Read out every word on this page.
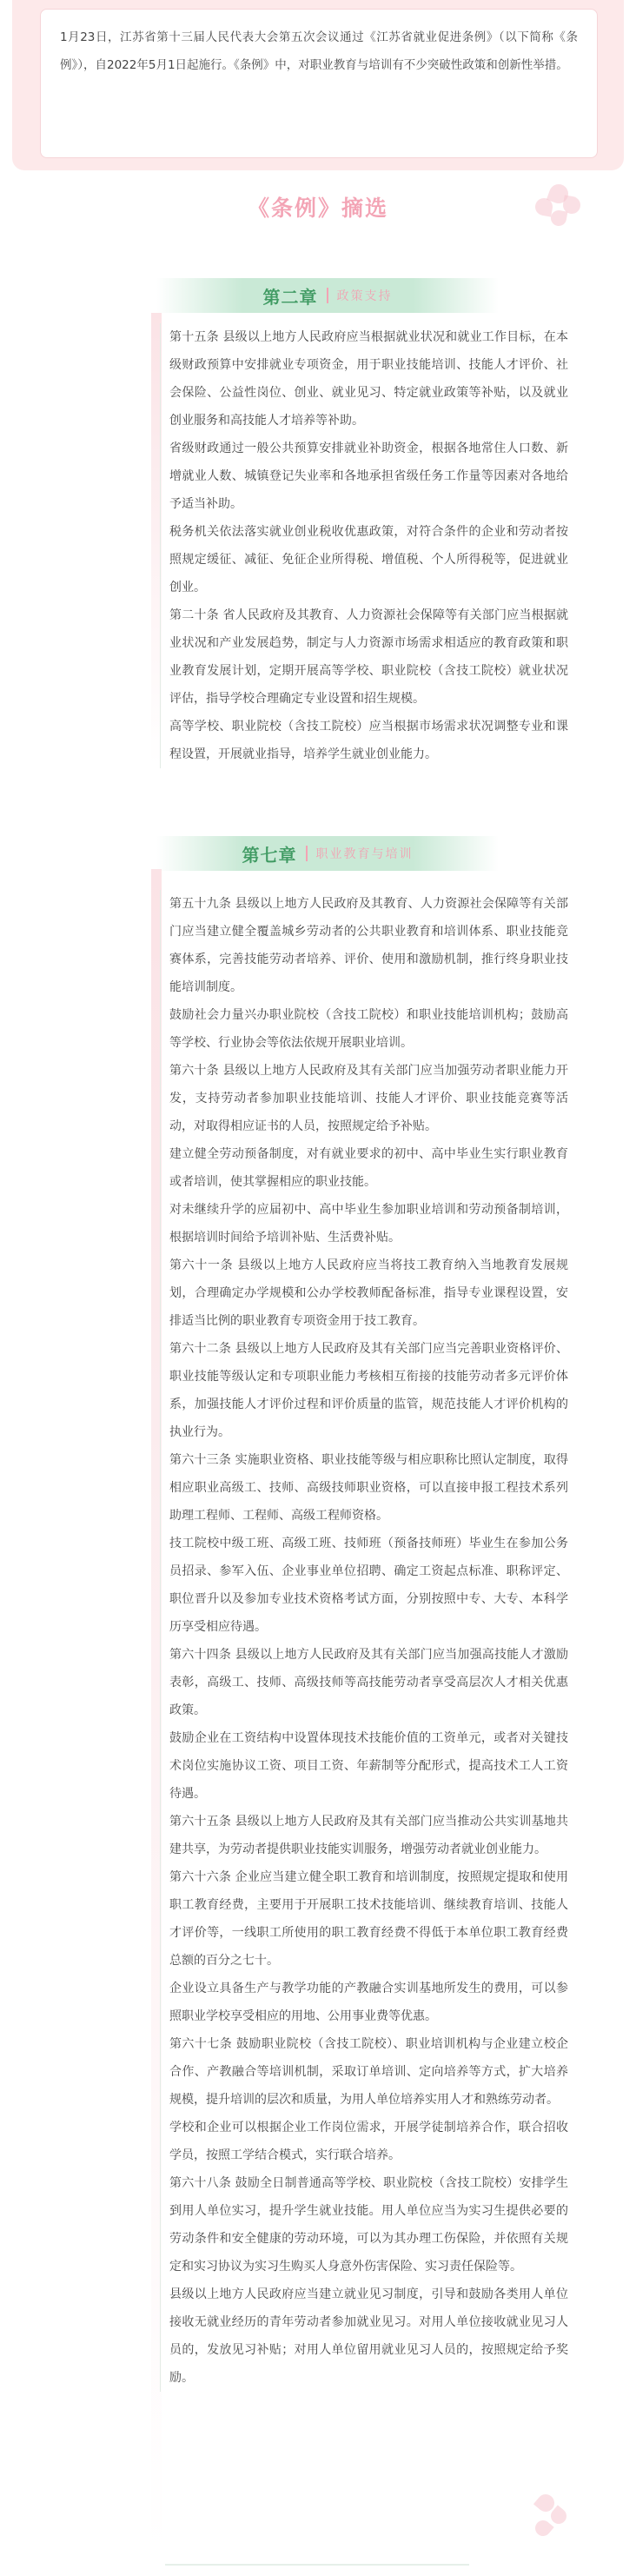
1月23日，江苏省第十三届人民代表大会第五次会议通过《江苏省就业促进条例》（以下简称《条例》），自2022年5月1日起施行。《条例》中，对职业教育与培训有不少突破性政策和创新性举措。
《条例》摘选
第二章 政策支持

第十五条 县级以上地方人民政府应当根据就业状况和就业工作目标，在本级财政预算中安排就业专项资金，用于职业技能培训、技能人才评价、社会保险、公益性岗位、创业、就业见习、特定就业政策等补贴，以及就业创业服务和高技能人才培养等补助。

省级财政通过一般公共预算安排就业补助资金，根据各地常住人口数、新增就业人数、城镇登记失业率和各地承担省级任务工作量等因素对各地给予适当补助。

税务机关依法落实就业创业税收优惠政策，对符合条件的企业和劳动者按照规定缓征、减征、免征企业所得税、增值税、个人所得税等，促进就业创业。

第二十条 省人民政府及其教育、人力资源社会保障等有关部门应当根据就业状况和产业发展趋势，制定与人力资源市场需求相适应的教育政策和职业教育发展计划，定期开展高等学校、职业院校（含技工院校）就业状况评估，指导学校合理确定专业设置和招生规模。

高等学校、职业院校（含技工院校）应当根据市场需求状况调整专业和课程设置，开展就业指导，培养学生就业创业能力。

第七章 职业教育与培训

第五十九条 县级以上地方人民政府及其教育、人力资源社会保障等有关部门应当建立健全覆盖城乡劳动者的公共职业教育和培训体系、职业技能竞赛体系，完善技能劳动者培养、评价、使用和激励机制，推行终身职业技能培训制度。

鼓励社会力量兴办职业院校（含技工院校）和职业技能培训机构；鼓励高等学校、行业协会等依法依规开展职业培训。

第六十条 县级以上地方人民政府及其有关部门应当加强劳动者职业能力开发，支持劳动者参加职业技能培训、技能人才评价、职业技能竞赛等活动，对取得相应证书的人员，按照规定给予补贴。

建立健全劳动预备制度，对有就业要求的初中、高中毕业生实行职业教育或者培训，使其掌握相应的职业技能。

对未继续升学的应届初中、高中毕业生参加职业培训和劳动预备制培训，根据培训时间给予培训补贴、生活费补贴。

第六十一条 县级以上地方人民政府应当将技工教育纳入当地教育发展规划，合理确定办学规模和公办学校教师配备标准，指导专业课程设置，安排适当比例的职业教育专项资金用于技工教育。

第六十二条 县级以上地方人民政府及其有关部门应当完善职业资格评价、职业技能等级认定和专项职业能力考核相互衔接的技能劳动者多元评价体系，加强技能人才评价过程和评价质量的监管，规范技能人才评价机构的执业行为。

第六十三条 实施职业资格、职业技能等级与相应职称比照认定制度，取得相应职业高级工、技师、高级技师职业资格，可以直接申报工程技术系列助理工程师、工程师、高级工程师资格。

技工院校中级工班、高级工班、技师班（预备技师班）毕业生在参加公务员招录、参军入伍、企业事业单位招聘、确定工资起点标准、职称评定、职位晋升以及参加专业技术资格考试方面，分别按照中专、大专、本科学历享受相应待遇。

第六十四条 县级以上地方人民政府及其有关部门应当加强高技能人才激励表彰，高级工、技师、高级技师等高技能劳动者享受高层次人才相关优惠政策。

鼓励企业在工资结构中设置体现技术技能价值的工资单元，或者对关键技术岗位实施协议工资、项目工资、年薪制等分配形式，提高技术工人工资待遇。

第六十五条 县级以上地方人民政府及其有关部门应当推动公共实训基地共建共享，为劳动者提供职业技能实训服务，增强劳动者就业创业能力。

第六十六条 企业应当建立健全职工教育和培训制度，按照规定提取和使用职工教育经费，主要用于开展职工技术技能培训、继续教育培训、技能人才评价等，一线职工所使用的职工教育经费不得低于本单位职工教育经费总额的百分之七十。

企业设立具备生产与教学功能的产教融合实训基地所发生的费用，可以参照职业学校享受相应的用地、公用事业费等优惠。

第六十七条 鼓励职业院校（含技工院校）、职业培训机构与企业建立校企合作、产教融合等培训机制，采取订单培训、定向培养等方式，扩大培养规模，提升培训的层次和质量，为用人单位培养实用人才和熟练劳动者。

学校和企业可以根据企业工作岗位需求，开展学徒制培养合作，联合招收学员，按照工学结合模式，实行联合培养。

第六十八条 鼓励全日制普通高等学校、职业院校（含技工院校）安排学生到用人单位实习，提升学生就业技能。用人单位应当为实习生提供必要的劳动条件和安全健康的劳动环境，可以为其办理工伤保险，并依照有关规定和实习协议为实习生购买人身意外伤害保险、实习责任保险等。

县级以上地方人民政府应当建立就业见习制度，引导和鼓励各类用人单位接收无就业经历的青年劳动者参加就业见习。对用人单位接收就业见习人员的，发放见习补贴；对用人单位留用就业见习人员的，按照规定给予奖励。
